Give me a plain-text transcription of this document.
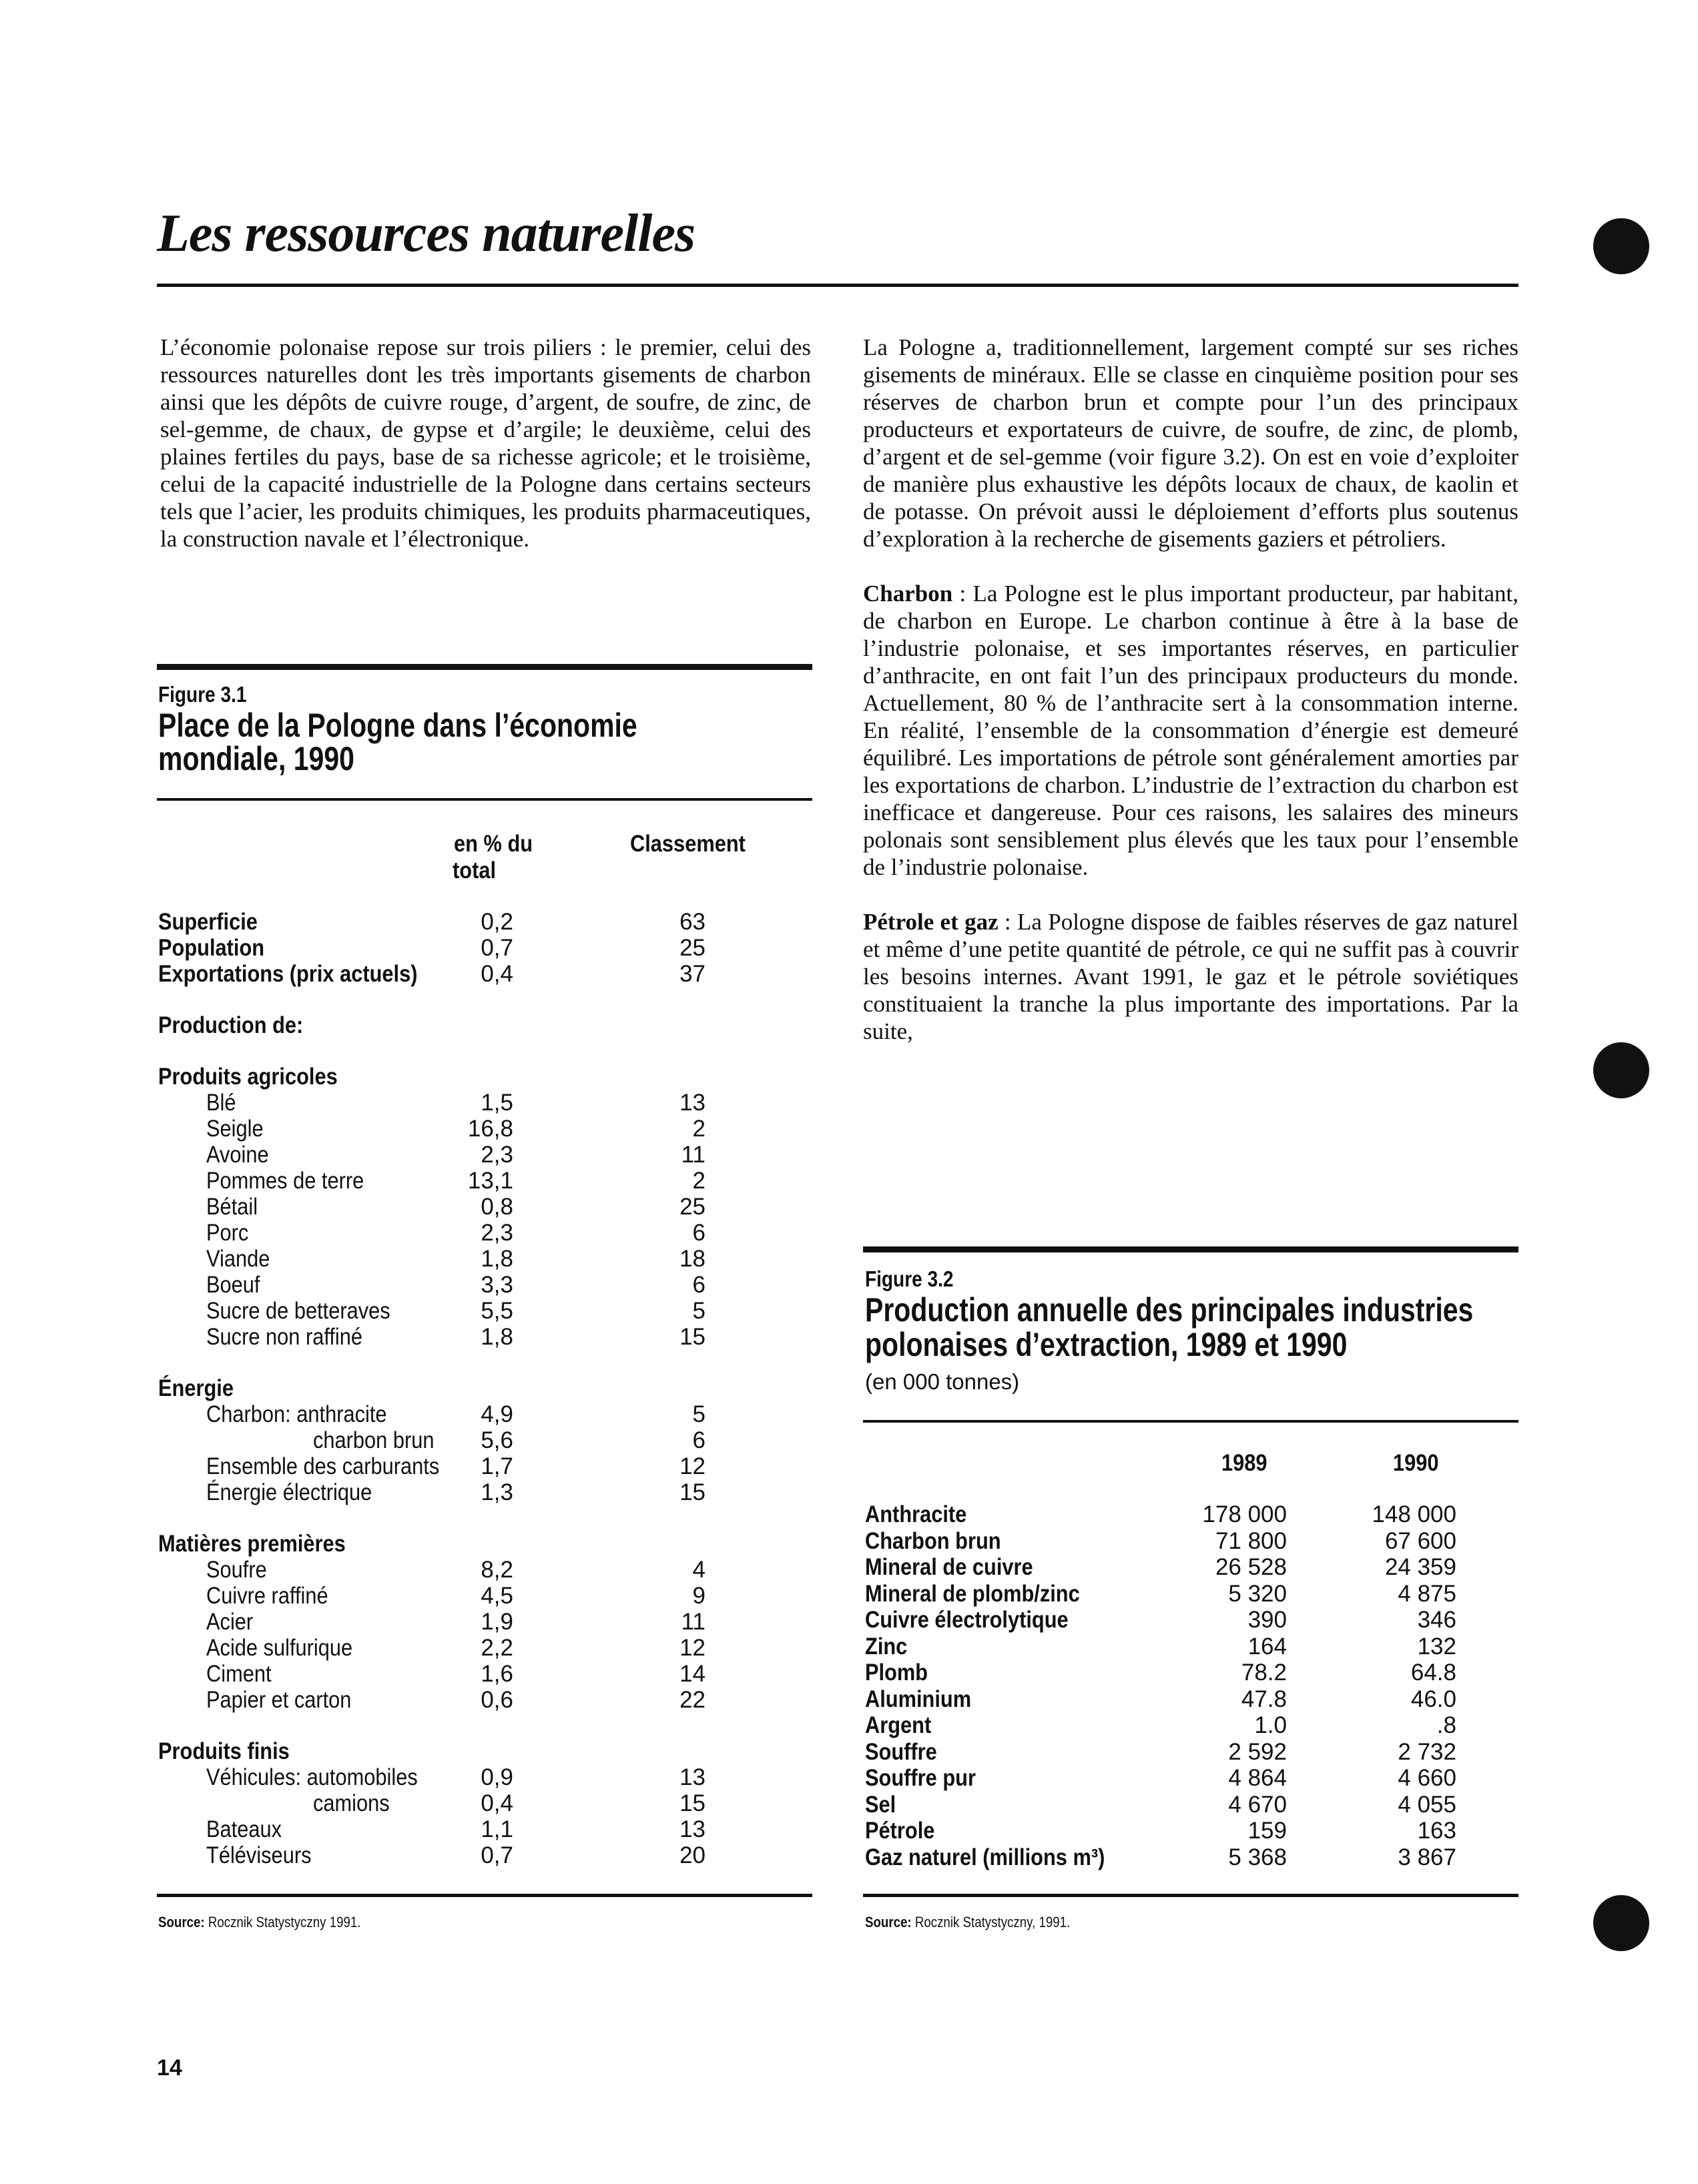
Les ressources naturelles

L’économie polonaise repose sur trois piliers : le premier, celui des ressources naturelles dont les très importants gisements de charbon ainsi que les dépôts de cuivre rouge, d’argent, de soufre, de zinc, de sel-gemme, de chaux, de gypse et d’argile; le deuxième, celui des plaines fertiles du pays, base de sa richesse agricole; et le troisième, celui de la capacité industrielle de la Pologne dans certains secteurs tels que l’acier, les produits chimiques, les produits pharmaceutiques, la construction navale et l’électronique.

La Pologne a, traditionnellement, largement compté sur ses riches gisements de minéraux. Elle se classe en cinquième position pour ses réserves de charbon brun et compte pour l’un des principaux producteurs et exportateurs de cuivre, de soufre, de zinc, de plomb, d’argent et de sel-gemme (voir figure 3.2). On est en voie d’exploiter de manière plus exhaustive les dépôts locaux de chaux, de kaolin et de potasse. On prévoit aussi le déploiement d’efforts plus soutenus d’exploration à la recherche de gisements gaziers et pétroliers.

Charbon : La Pologne est le plus important producteur, par habitant, de charbon en Europe. Le charbon continue à être à la base de l’industrie polonaise, et ses importantes réserves, en particulier d’anthracite, en ont fait l’un des principaux producteurs du monde. Actuellement, 80 % de l’anthracite sert à la consommation interne. En réalité, l’ensemble de la consommation d’énergie est demeuré équilibré. Les importations de pétrole sont généralement amorties par les exportations de charbon. L’industrie de l’extraction du charbon est inefficace et dangereuse. Pour ces raisons, les salaires des mineurs polonais sont sensiblement plus élevés que les taux pour l’ensemble de l’industrie polonaise.

Pétrole et gaz : La Pologne dispose de faibles réserves de gaz naturel et même d’une petite quantité de pétrole, ce qui ne suffit pas à couvrir les besoins internes. Avant 1991, le gaz et le pétrole soviétiques constituaient la tranche la plus importante des importations. Par la suite,

Figure 3.1
Place de la Pologne dans l’économie
mondiale, 1990
en % du
total
Classement
Superficie	0,2	63
Population	0,7	25
Exportations (prix actuels)	0,4	37
Production de:
Produits agricoles
Blé	1,5	13
Seigle	16,8	2
Avoine	2,3	11
Pommes de terre	13,1	2
Bétail	0,8	25
Porc	2,3	6
Viande	1,8	18
Boeuf	3,3	6
Sucre de betteraves	5,5	5
Sucre non raffiné	1,8	15
Énergie
Charbon: anthracite	4,9	5
charbon brun	5,6	6
Ensemble des carburants	1,7	12
Énergie électrique	1,3	15
Matières premières
Soufre	8,2	4
Cuivre raffiné	4,5	9
Acier	1,9	11
Acide sulfurique	2,2	12
Ciment	1,6	14
Papier et carton	0,6	22
Produits finis
Véhicules: automobiles	0,9	13
camions	0,4	15
Bateaux	1,1	13
Téléviseurs	0,7	20
Source: Rocznik Statystyczny 1991.
Figure 3.2
Production annuelle des principales industries
polonaises d’extraction, 1989 et 1990
(en 000 tonnes)
1989	1990
Anthracite	178 000	148 000
Charbon brun	71 800	67 600
Mineral de cuivre	26 528	24 359
Mineral de plomb/zinc	5 320	4 875
Cuivre électrolytique	390	346
Zinc	164	132
Plomb	78.2	64.8
Aluminium	47.8	46.0
Argent	1.0	.8
Souffre	2 592	2 732
Souffre pur	4 864	4 660
Sel	4 670	4 055
Pétrole	159	163
Gaz naturel (millions m³)	5 368	3 867
Source: Rocznik Statystyczny, 1991.
14
